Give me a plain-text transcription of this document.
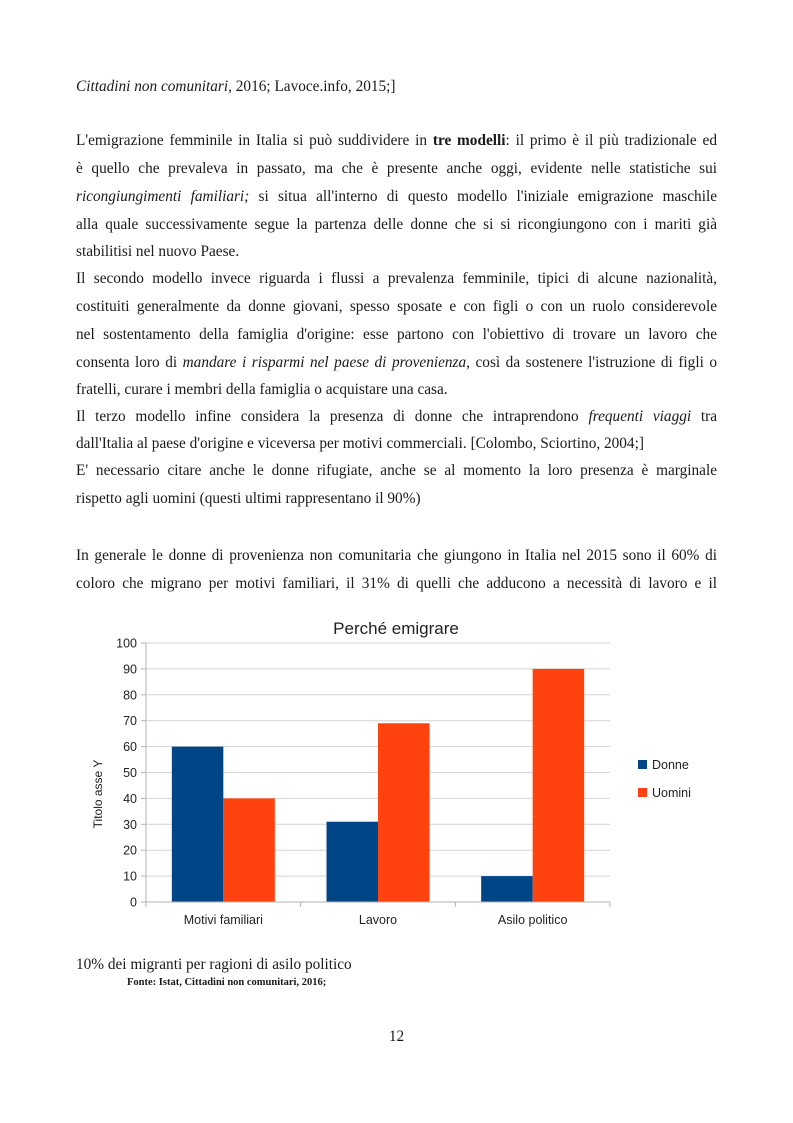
Cittadini non comunitari, 2016; Lavoce.info, 2015;]
L'emigrazione femminile in Italia si può suddividere in tre modelli: il primo è il più tradizionale ed
è quello che prevaleva in passato, ma che è presente anche oggi, evidente nelle statistiche sui
ricongiungimenti familiari; si situa all'interno di questo modello l'iniziale emigrazione maschile
alla quale successivamente segue la partenza delle donne che si si ricongiungono con i mariti già
stabilitisi nel nuovo Paese.
Il secondo modello invece riguarda i flussi a prevalenza femminile, tipici di alcune nazionalità,
costituiti generalmente da donne giovani, spesso sposate e con figli o con un ruolo considerevole
nel sostentamento della famiglia d'origine: esse partono con l'obiettivo di trovare un lavoro che
consenta loro di mandare i risparmi nel paese di provenienza, così da sostenere l'istruzione di figli o
fratelli, curare i membri della famiglia o acquistare una casa.
Il terzo modello infine considera la presenza di donne che intraprendono frequenti viaggi tra
dall'Italia al paese d'origine e viceversa per motivi commerciali. [Colombo, Sciortino, 2004;]
E' necessario citare anche le donne rifugiate, anche se al momento la loro presenza è marginale
rispetto agli uomini (questi ultimi rappresentano il 90%)
In generale le donne di provenienza non comunitaria che giungono in Italia nel 2015 sono il 60% di
coloro che migrano per motivi familiari, il 31% di quelli che adducono a necessità di lavoro e il
Perché emigrare
Titolo asse Y
0
10
20
30
40
50
60
70
80
90
100
Motivi familiari	Lavoro	Asilo politico
Donne
Uomini
10% dei migranti per ragioni di asilo politico
Fonte: Istat, Cittadini non comunitari, 2016;
12
